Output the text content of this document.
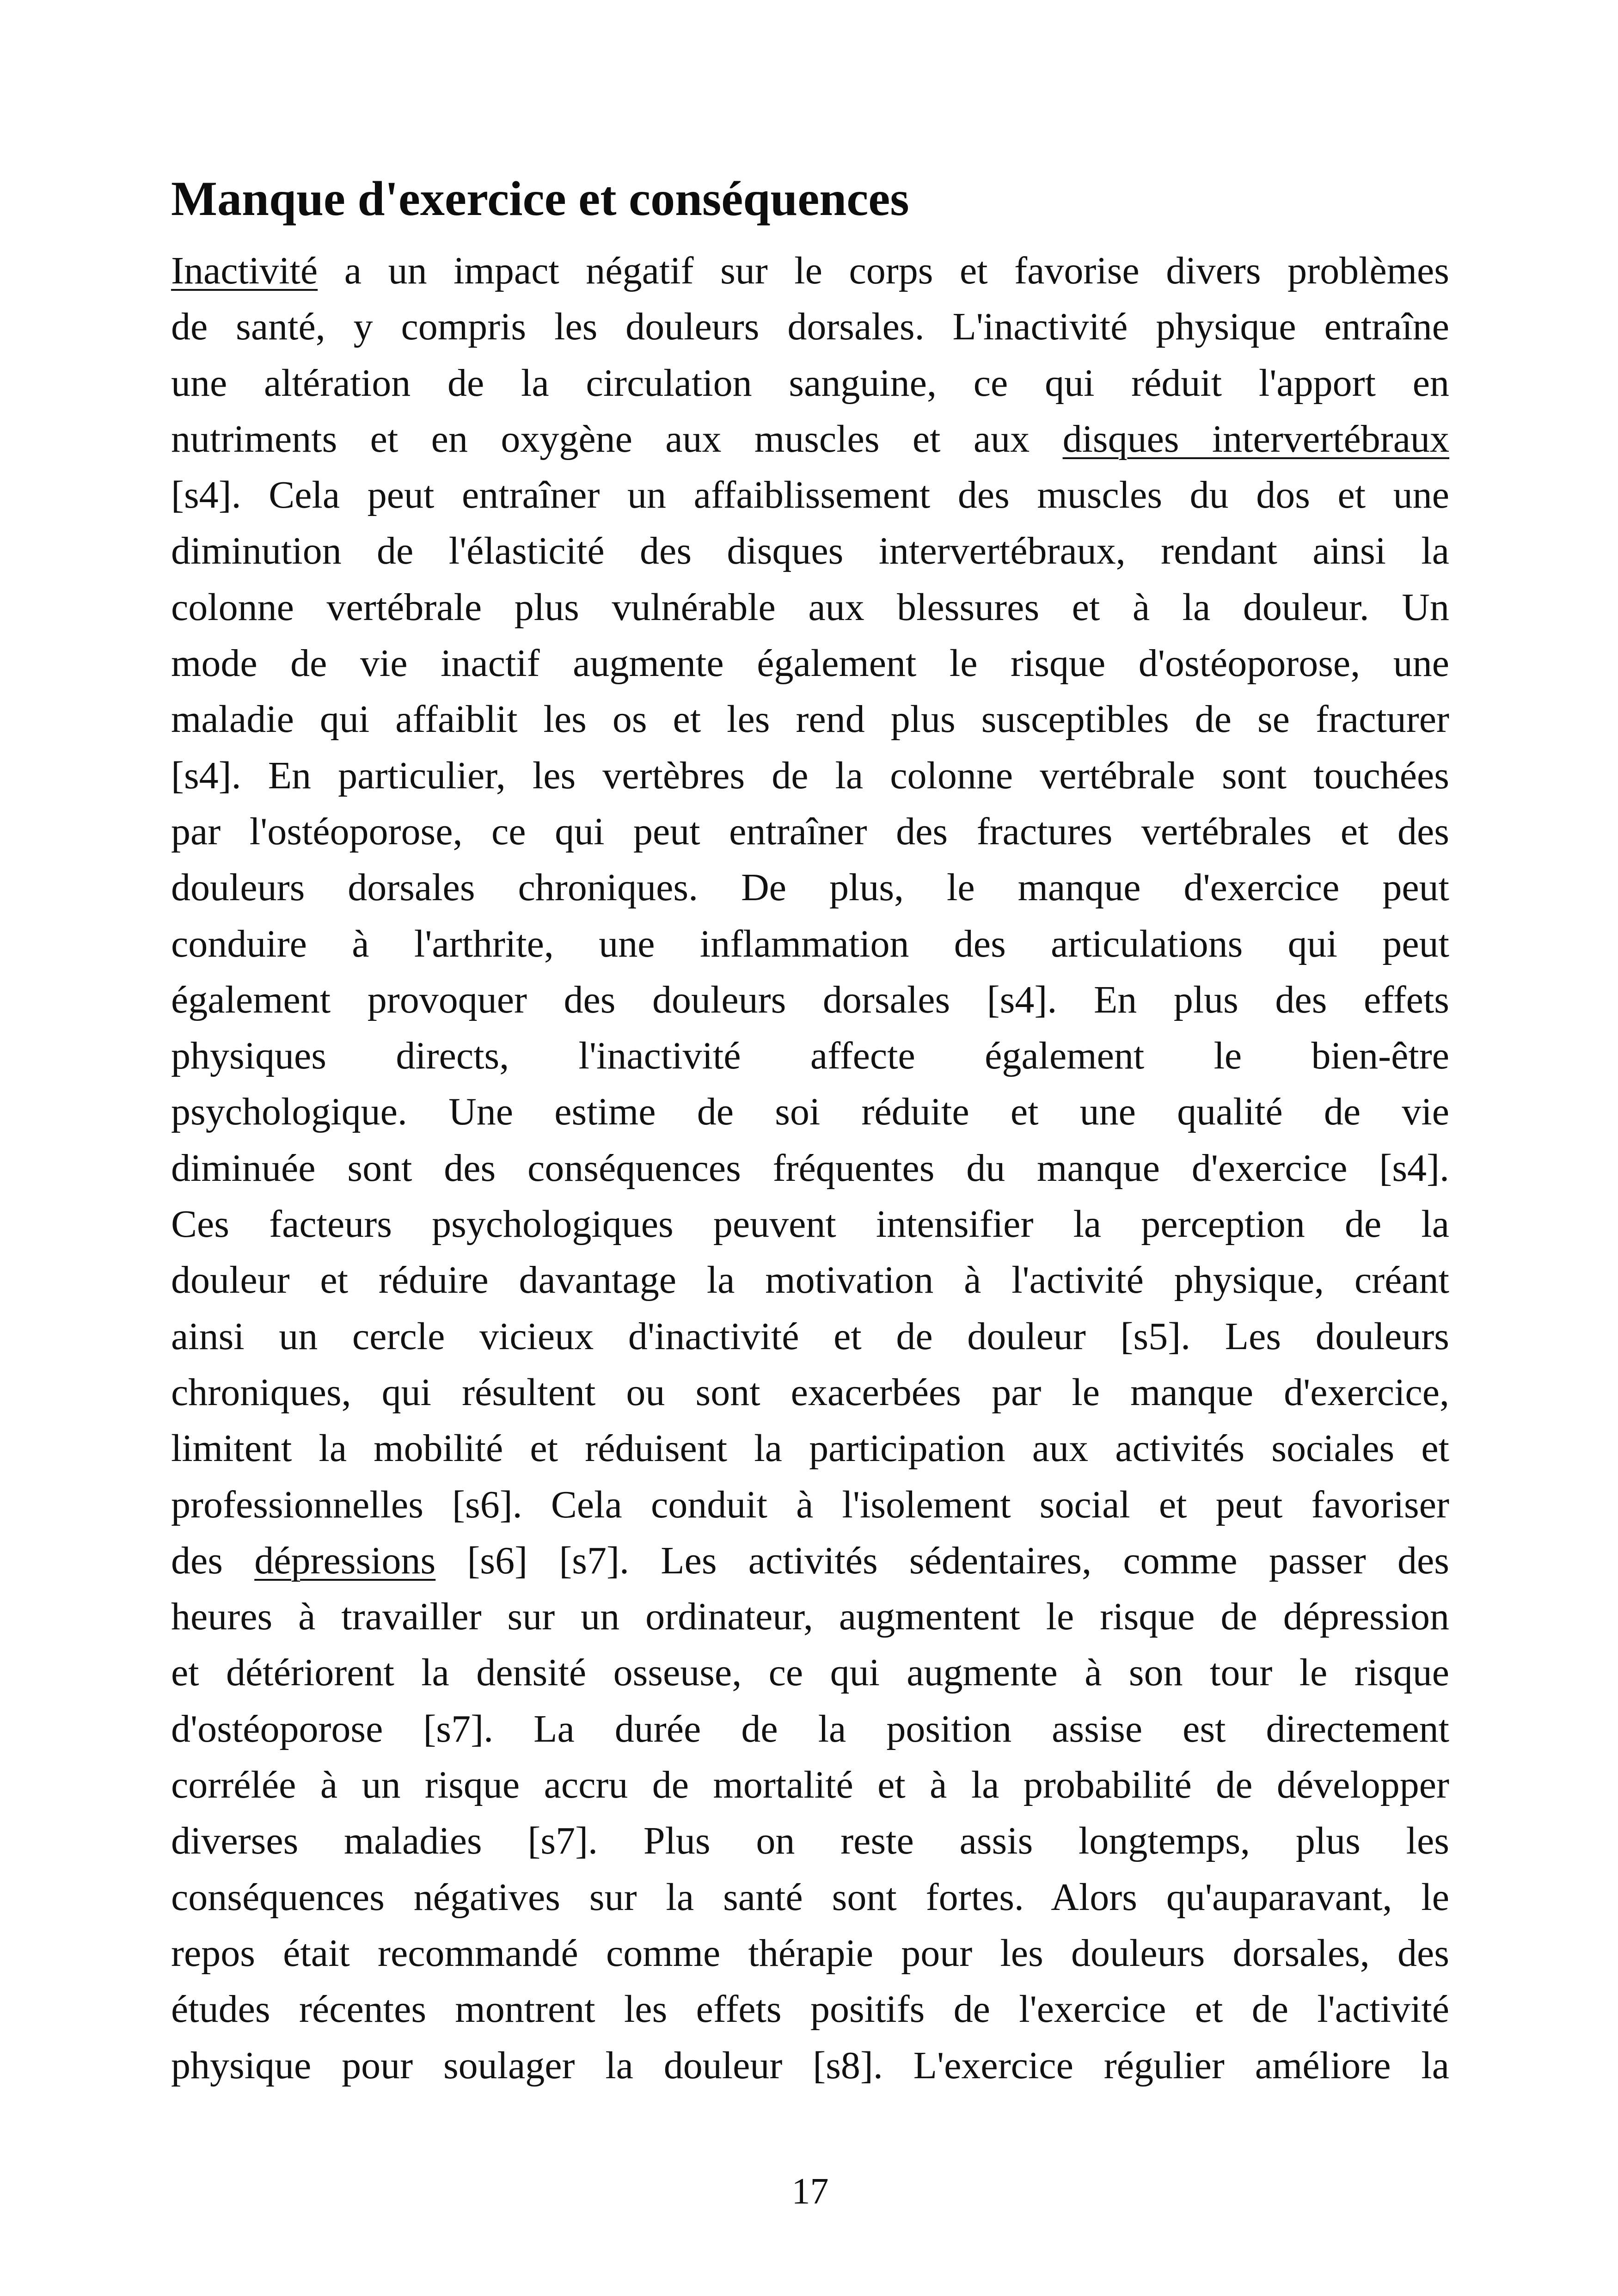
Manque d'exercice et conséquences
Inactivité a un impact négatif sur le corps et favorise divers problèmes
de santé, y compris les douleurs dorsales. L'inactivité physique entraîne
une altération de la circulation sanguine, ce qui réduit l'apport en
nutriments et en oxygène aux muscles et aux disques intervertébraux
[s4]. Cela peut entraîner un affaiblissement des muscles du dos et une
diminution de l'élasticité des disques intervertébraux, rendant ainsi la
colonne vertébrale plus vulnérable aux blessures et à la douleur. Un
mode de vie inactif augmente également le risque d'ostéoporose, une
maladie qui affaiblit les os et les rend plus susceptibles de se fracturer
[s4]. En particulier, les vertèbres de la colonne vertébrale sont touchées
par l'ostéoporose, ce qui peut entraîner des fractures vertébrales et des
douleurs dorsales chroniques. De plus, le manque d'exercice peut
conduire à l'arthrite, une inflammation des articulations qui peut
également provoquer des douleurs dorsales [s4]. En plus des effets
physiques directs, l'inactivité affecte également le bien-être
psychologique. Une estime de soi réduite et une qualité de vie
diminuée sont des conséquences fréquentes du manque d'exercice [s4].
Ces facteurs psychologiques peuvent intensifier la perception de la
douleur et réduire davantage la motivation à l'activité physique, créant
ainsi un cercle vicieux d'inactivité et de douleur [s5]. Les douleurs
chroniques, qui résultent ou sont exacerbées par le manque d'exercice,
limitent la mobilité et réduisent la participation aux activités sociales et
professionnelles [s6]. Cela conduit à l'isolement social et peut favoriser
des dépressions [s6] [s7]. Les activités sédentaires, comme passer des
heures à travailler sur un ordinateur, augmentent le risque de dépression
et détériorent la densité osseuse, ce qui augmente à son tour le risque
d'ostéoporose [s7]. La durée de la position assise est directement
corrélée à un risque accru de mortalité et à la probabilité de développer
diverses maladies [s7]. Plus on reste assis longtemps, plus les
conséquences négatives sur la santé sont fortes. Alors qu'auparavant, le
repos était recommandé comme thérapie pour les douleurs dorsales, des
études récentes montrent les effets positifs de l'exercice et de l'activité
physique pour soulager la douleur [s8]. L'exercice régulier améliore la
17
